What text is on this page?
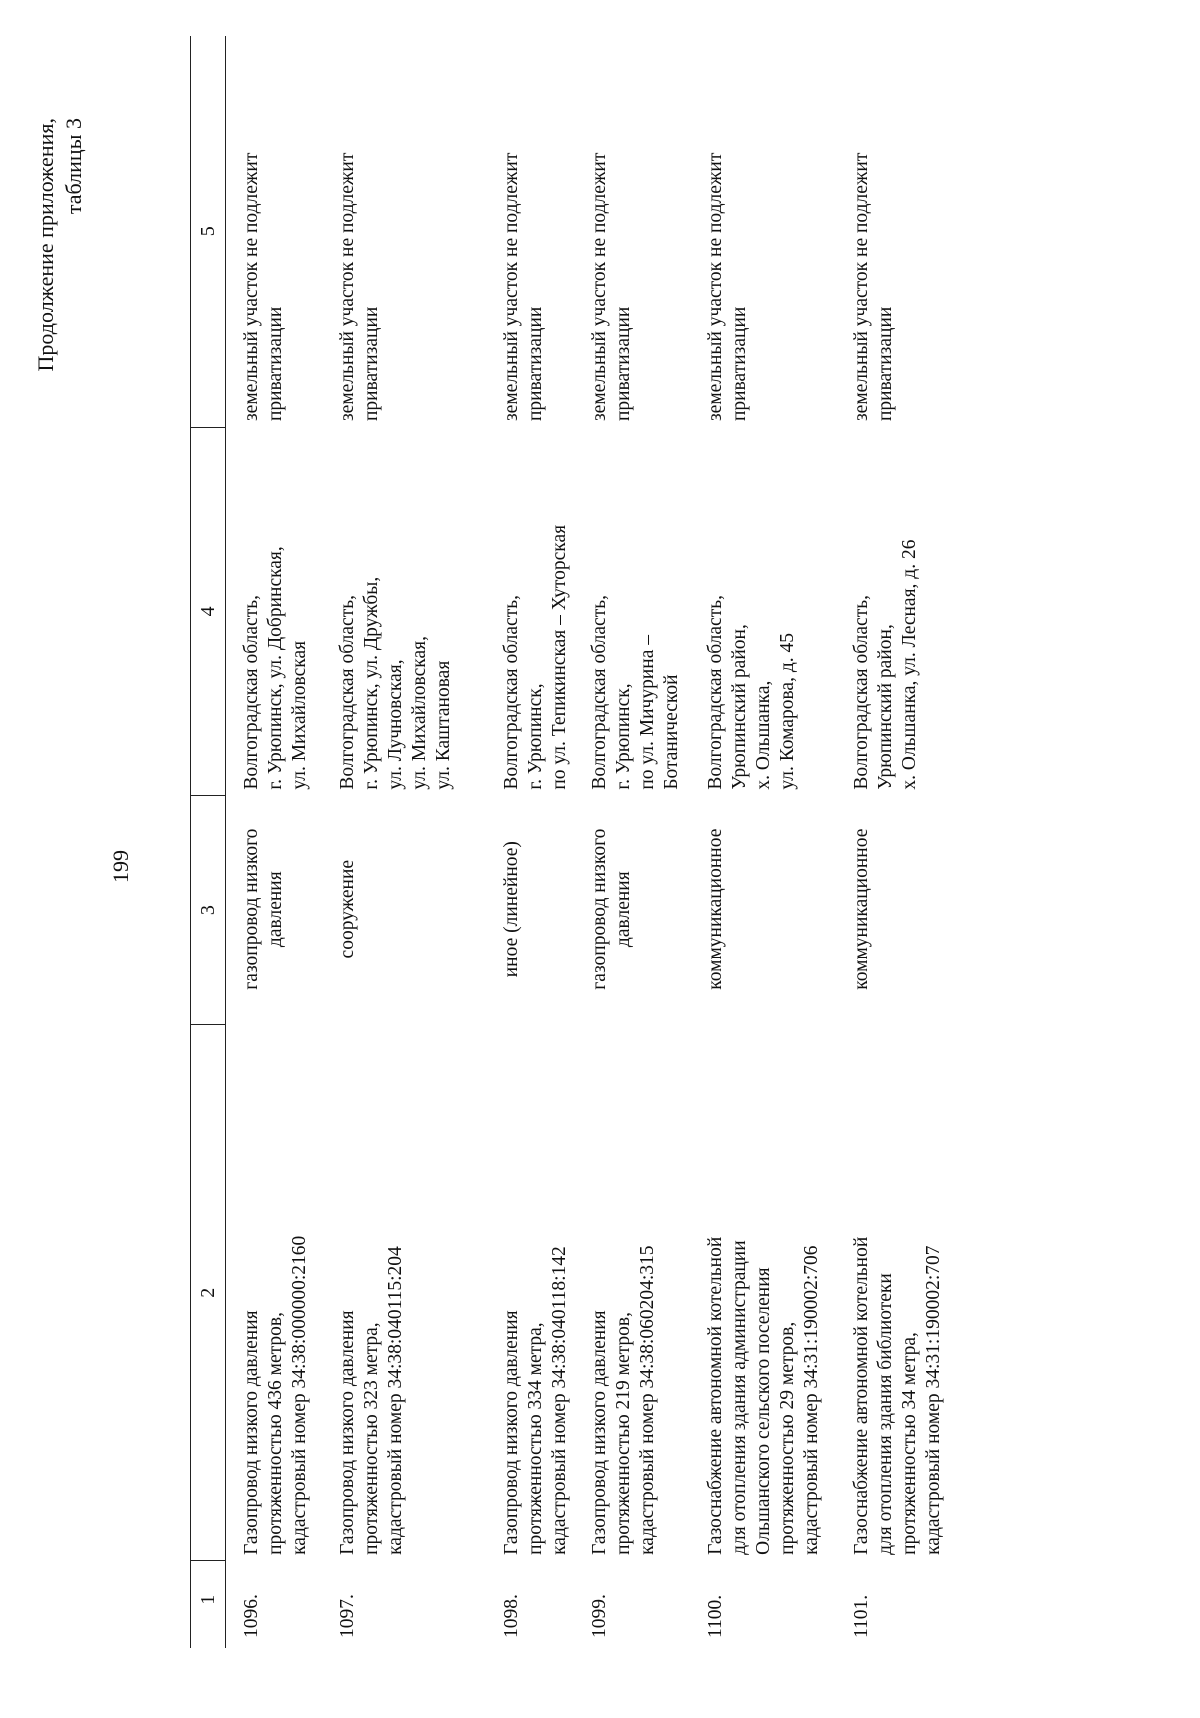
199
Продолжение приложения, таблицы 3
1	2	3	4	5

1096.	Газопровод низкого давления протяженностью 436 метров, кадастровый номер 34:38:000000:2160	газопровод низкого давления	Волгоградская область, г. Урюпинск, ул. Добринская, ул. Михайловская	земельный участок не подлежит приватизации

1097.	Газопровод низкого давления протяженностью 323 метра, кадастровый номер 34:38:040115:204	сооружение	Волгоградская область, г. Урюпинск, ул. Дружбы, ул. Лучновская, ул. Михайловская, ул. Каштановая	земельный участок не подлежит приватизации

1098.	Газопровод низкого давления протяженностью 334 метра, кадастровый номер 34:38:040118:142	иное (линейное)	Волгоградская область, г. Урюпинск, по ул. Тепикинская – Хуторская	земельный участок не подлежит приватизации

1099.	Газопровод низкого давления протяженностью 219 метров, кадастровый номер 34:38:060204:315	газопровод низкого давления	Волгоградская область, г. Урюпинск, по ул. Мичурина – Ботанической	земельный участок не подлежит приватизации

1100.	Газоснабжение автономной котельной для отопления здания администрации Ольшанского сельского поселения протяженностью 29 метров, кадастровый номер 34:31:190002:706	коммуникационное	Волгоградская область, Урюпинский район, х. Ольшанка, ул. Комарова, д. 45	земельный участок не подлежит приватизации

1101.	Газоснабжение автономной котельной для отопления здания библиотеки протяженностью 34 метра, кадастровый номер 34:31:190002:707	коммуникационное	Волгоградская область, Урюпинский район, х. Ольшанка, ул. Лесная, д. 26	земельный участок не подлежит приватизации
